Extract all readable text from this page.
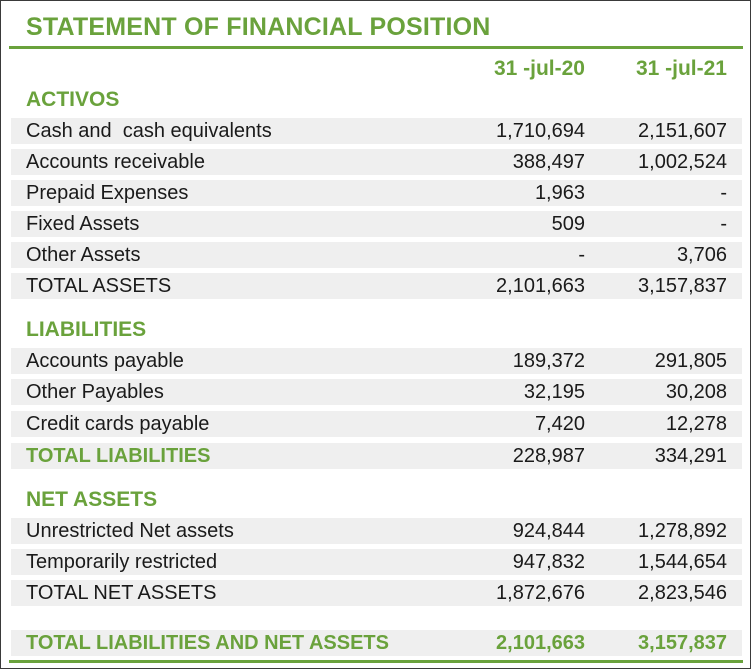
STATEMENT OF FINANCIAL POSITION
31 -jul-20	31 -jul-21
ACTIVOS
Cash and  cash equivalents	1,710,694	2,151,607
Accounts receivable	388,497	1,002,524
Prepaid Expenses	1,963	-
Fixed Assets	509	-
Other Assets	-	3,706
TOTAL ASSETS	2,101,663	3,157,837
LIABILITIES
Accounts payable	189,372	291,805
Other Payables	32,195	30,208
Credit cards payable	7,420	12,278
TOTAL LIABILITIES	228,987	334,291
NET ASSETS
Unrestricted Net assets	924,844	1,278,892
Temporarily restricted	947,832	1,544,654
TOTAL NET ASSETS	1,872,676	2,823,546
TOTAL LIABILITIES AND NET ASSETS	2,101,663	3,157,837
